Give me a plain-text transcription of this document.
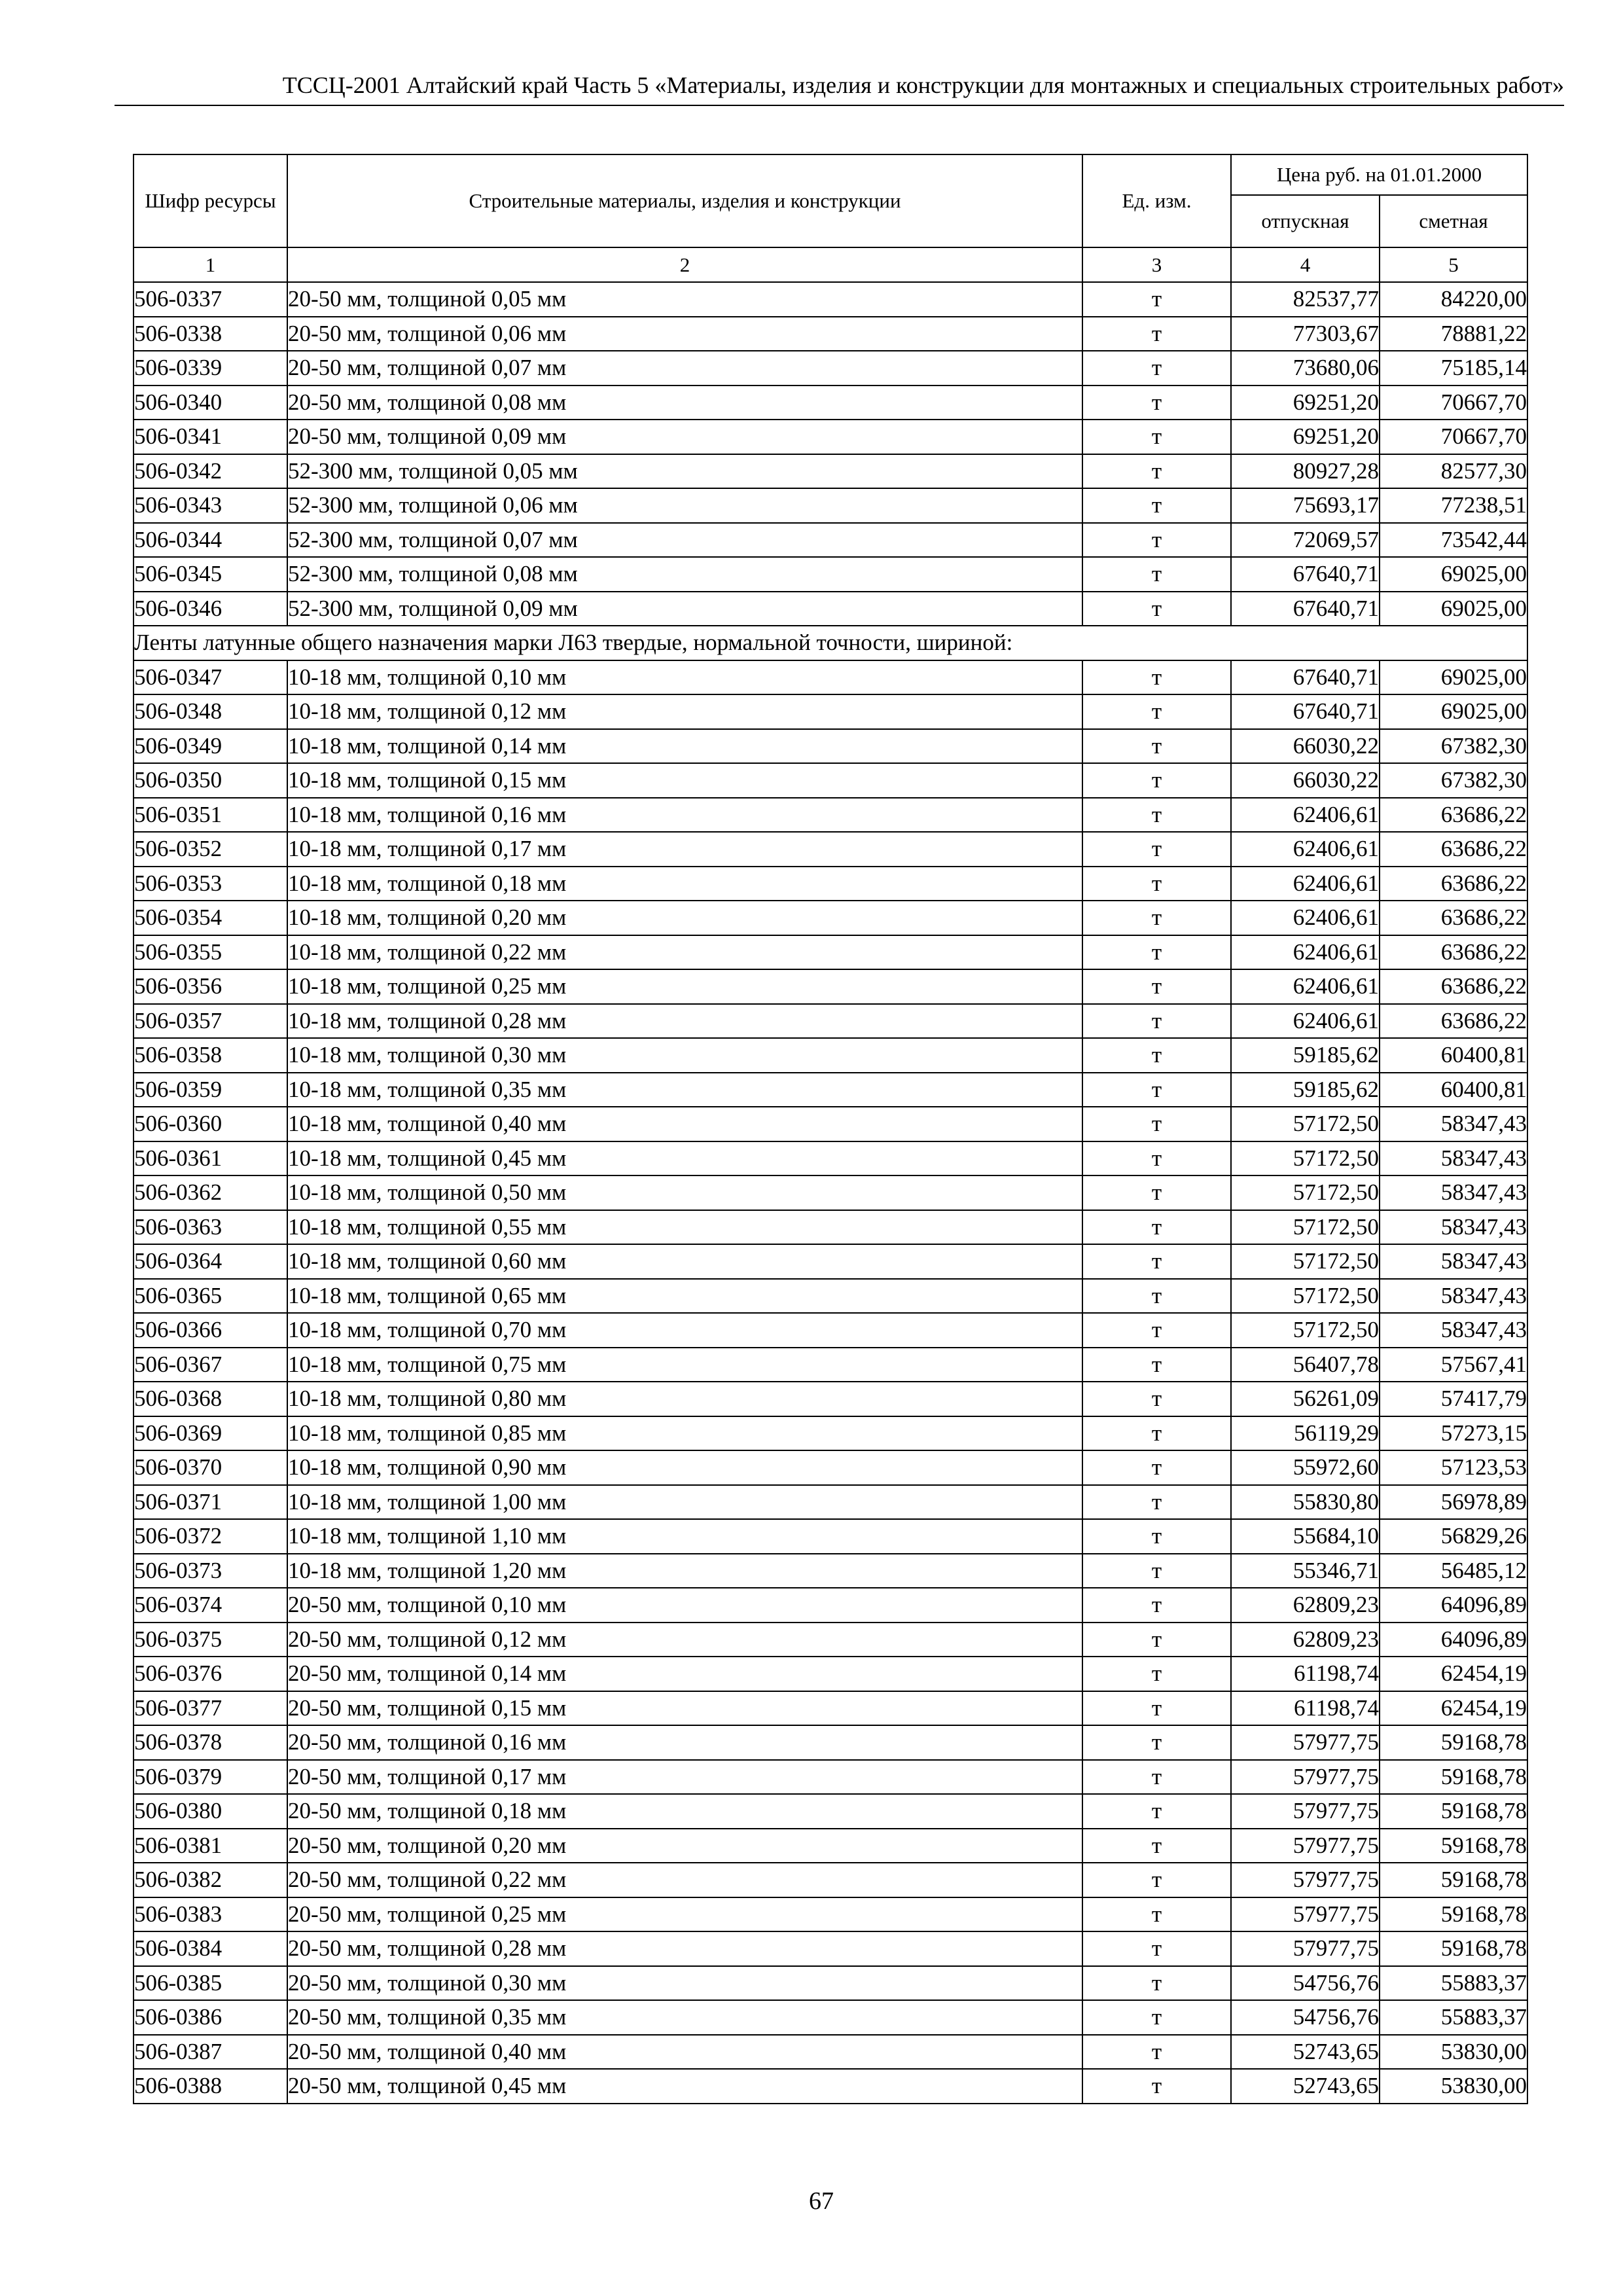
ТССЦ-2001 Алтайский край Часть 5 «Материалы, изделия и конструкции для монтажных и специальных строительных работ»
Шифр ресурсы	Строительные материалы, изделия и конструкции	Ед. изм.	Цена руб. на 01.01.2000	
			отпускная	сметная
1	2	3	4	5
506-0337	20-50 мм, толщиной 0,05 мм	т	82537,77	84220,00
506-0338	20-50 мм, толщиной 0,06 мм	т	77303,67	78881,22
506-0339	20-50 мм, толщиной 0,07 мм	т	73680,06	75185,14
506-0340	20-50 мм, толщиной 0,08 мм	т	69251,20	70667,70
506-0341	20-50 мм, толщиной 0,09 мм	т	69251,20	70667,70
506-0342	52-300 мм, толщиной 0,05 мм	т	80927,28	82577,30
506-0343	52-300 мм, толщиной 0,06 мм	т	75693,17	77238,51
506-0344	52-300 мм, толщиной 0,07 мм	т	72069,57	73542,44
506-0345	52-300 мм, толщиной 0,08 мм	т	67640,71	69025,00
506-0346	52-300 мм, толщиной 0,09 мм	т	67640,71	69025,00
Ленты латунные общего назначения марки Л63 твердые, нормальной точности, шириной:				
506-0347	10-18 мм, толщиной 0,10 мм	т	67640,71	69025,00
506-0348	10-18 мм, толщиной 0,12 мм	т	67640,71	69025,00
506-0349	10-18 мм, толщиной 0,14 мм	т	66030,22	67382,30
506-0350	10-18 мм, толщиной 0,15 мм	т	66030,22	67382,30
506-0351	10-18 мм, толщиной 0,16 мм	т	62406,61	63686,22
506-0352	10-18 мм, толщиной 0,17 мм	т	62406,61	63686,22
506-0353	10-18 мм, толщиной 0,18 мм	т	62406,61	63686,22
506-0354	10-18 мм, толщиной 0,20 мм	т	62406,61	63686,22
506-0355	10-18 мм, толщиной 0,22 мм	т	62406,61	63686,22
506-0356	10-18 мм, толщиной 0,25 мм	т	62406,61	63686,22
506-0357	10-18 мм, толщиной 0,28 мм	т	62406,61	63686,22
506-0358	10-18 мм, толщиной 0,30 мм	т	59185,62	60400,81
506-0359	10-18 мм, толщиной 0,35 мм	т	59185,62	60400,81
506-0360	10-18 мм, толщиной 0,40 мм	т	57172,50	58347,43
506-0361	10-18 мм, толщиной 0,45 мм	т	57172,50	58347,43
506-0362	10-18 мм, толщиной 0,50 мм	т	57172,50	58347,43
506-0363	10-18 мм, толщиной 0,55 мм	т	57172,50	58347,43
506-0364	10-18 мм, толщиной 0,60 мм	т	57172,50	58347,43
506-0365	10-18 мм, толщиной 0,65 мм	т	57172,50	58347,43
506-0366	10-18 мм, толщиной 0,70 мм	т	57172,50	58347,43
506-0367	10-18 мм, толщиной 0,75 мм	т	56407,78	57567,41
506-0368	10-18 мм, толщиной 0,80 мм	т	56261,09	57417,79
506-0369	10-18 мм, толщиной 0,85 мм	т	56119,29	57273,15
506-0370	10-18 мм, толщиной 0,90 мм	т	55972,60	57123,53
506-0371	10-18 мм, толщиной 1,00 мм	т	55830,80	56978,89
506-0372	10-18 мм, толщиной 1,10 мм	т	55684,10	56829,26
506-0373	10-18 мм, толщиной 1,20 мм	т	55346,71	56485,12
506-0374	20-50 мм, толщиной 0,10 мм	т	62809,23	64096,89
506-0375	20-50 мм, толщиной 0,12 мм	т	62809,23	64096,89
506-0376	20-50 мм, толщиной 0,14 мм	т	61198,74	62454,19
506-0377	20-50 мм, толщиной 0,15 мм	т	61198,74	62454,19
506-0378	20-50 мм, толщиной 0,16 мм	т	57977,75	59168,78
506-0379	20-50 мм, толщиной 0,17 мм	т	57977,75	59168,78
506-0380	20-50 мм, толщиной 0,18 мм	т	57977,75	59168,78
506-0381	20-50 мм, толщиной 0,20 мм	т	57977,75	59168,78
506-0382	20-50 мм, толщиной 0,22 мм	т	57977,75	59168,78
506-0383	20-50 мм, толщиной 0,25 мм	т	57977,75	59168,78
506-0384	20-50 мм, толщиной 0,28 мм	т	57977,75	59168,78
506-0385	20-50 мм, толщиной 0,30 мм	т	54756,76	55883,37
506-0386	20-50 мм, толщиной 0,35 мм	т	54756,76	55883,37
506-0387	20-50 мм, толщиной 0,40 мм	т	52743,65	53830,00
506-0388	20-50 мм, толщиной 0,45 мм	т	52743,65	53830,00
67
